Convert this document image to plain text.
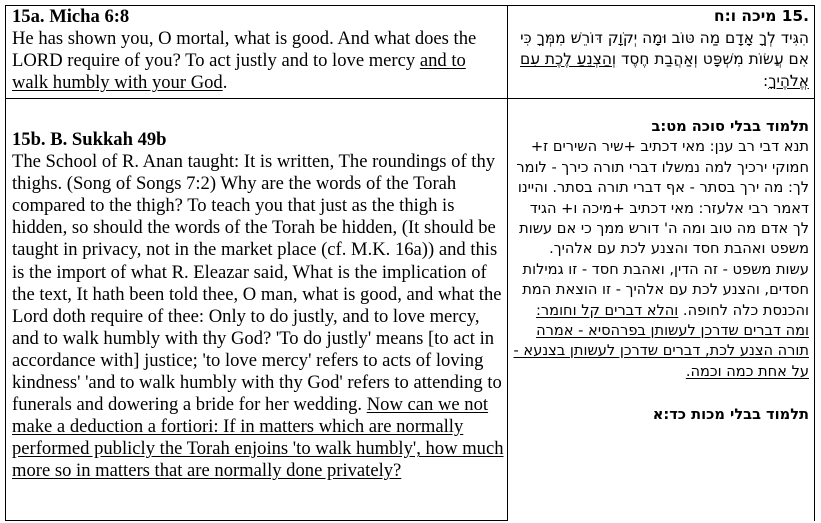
15a. Micha 6:8
He has shown you, O mortal, what is good. And what does the LORD require of you? To act justly and to love mercy and to walk humbly with your God.
.15 מיכה ו:ח
הִגִּיד לְךָ אָדָם מַה טּוֹב וּמָה יְקֹוָק דּוֹרֵשׁ מִמְּךָ כִּי אִם עֲשׂוֹת מִשְׁפָּט וְאַהֲבַת חֶסֶד וְהַצְנֵעַ לֶכֶת עִם אֱלֹהֶיךָ:
15b. B. Sukkah 49b
The School of R. Anan taught: It is written, The roundings of thy thighs. (Song of Songs 7:2) Why are the words of the Torah compared to the thigh? To teach you that just as the thigh is hidden, so should the words of the Torah be hidden, (It should be taught in privacy, not in the market place (cf. M.K. 16a)) and this is the import of what R. Eleazar said, What is the implication of the text, It hath been told thee, O man, what is good, and what the Lord doth require of thee: Only to do justly, and to love mercy, and to walk humbly with thy God? 'To do justly' means [to act in accordance with] justice; 'to love mercy' refers to acts of loving kindness' 'and to walk humbly with thy God' refers to attending to funerals and dowering a bride for her wedding. Now can we not make a deduction a fortiori: If in matters which are normally performed publicly the Torah enjoins 'to walk humbly', how much more so in matters that are normally done privately?
תלמוד בבלי סוכה מט:ב
תנא דבי רב ענן: מאי דכתיב +שיר השירים ז+ חמוקי ירכיך למה נמשלו דברי תורה כירך - לומר לך: מה ירך בסתר - אף דברי תורה בסתר. והיינו דאמר רבי אלעזר: מאי דכתיב +מיכה ו+ הגיד לך אדם מה טוב ומה ה' דורש ממך כי אם עשות משפט ואהבת חסד והצנע לכת עם אלהיך. עשות משפט - זה הדין, ואהבת חסד - זו גמילות חסדים, והצנע לכת עם אלהיך - זו הוצאת המת והכנסת כלה לחופה. והלא דברים קל וחומר: ומה דברים שדרכן לעשותן בפרהסיא - אמרה תורה הצנע לכת, דברים שדרכן לעשותן בצנעא - על אחת כמה וכמה.
תלמוד בבלי מכות כד:א
